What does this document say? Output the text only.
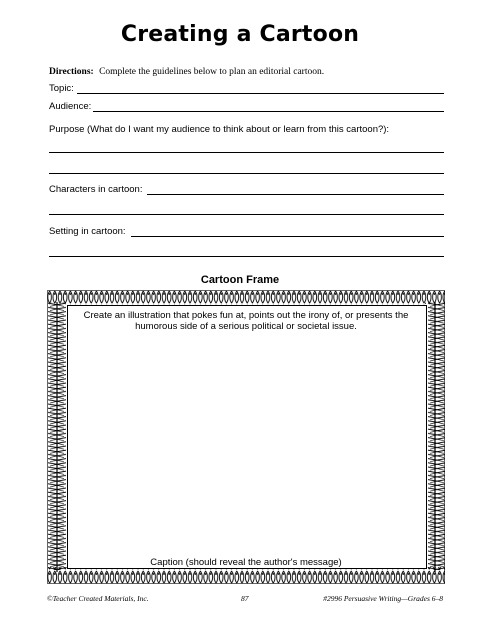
Creating a Cartoon
Directions: Complete the guidelines below to plan an editorial cartoon.
Topic:
Audience:
Purpose (What do I want my audience to think about or learn from this cartoon?):
Characters in cartoon:
Setting in cartoon:
Cartoon Frame
Create an illustration that pokes fun at, points out the irony of, or presents the humorous side of a serious political or societal issue.
Caption (should reveal the author's message)
©Teacher Created Materials, Inc.	87	#2996 Persuasive Writing—Grades 6–8
